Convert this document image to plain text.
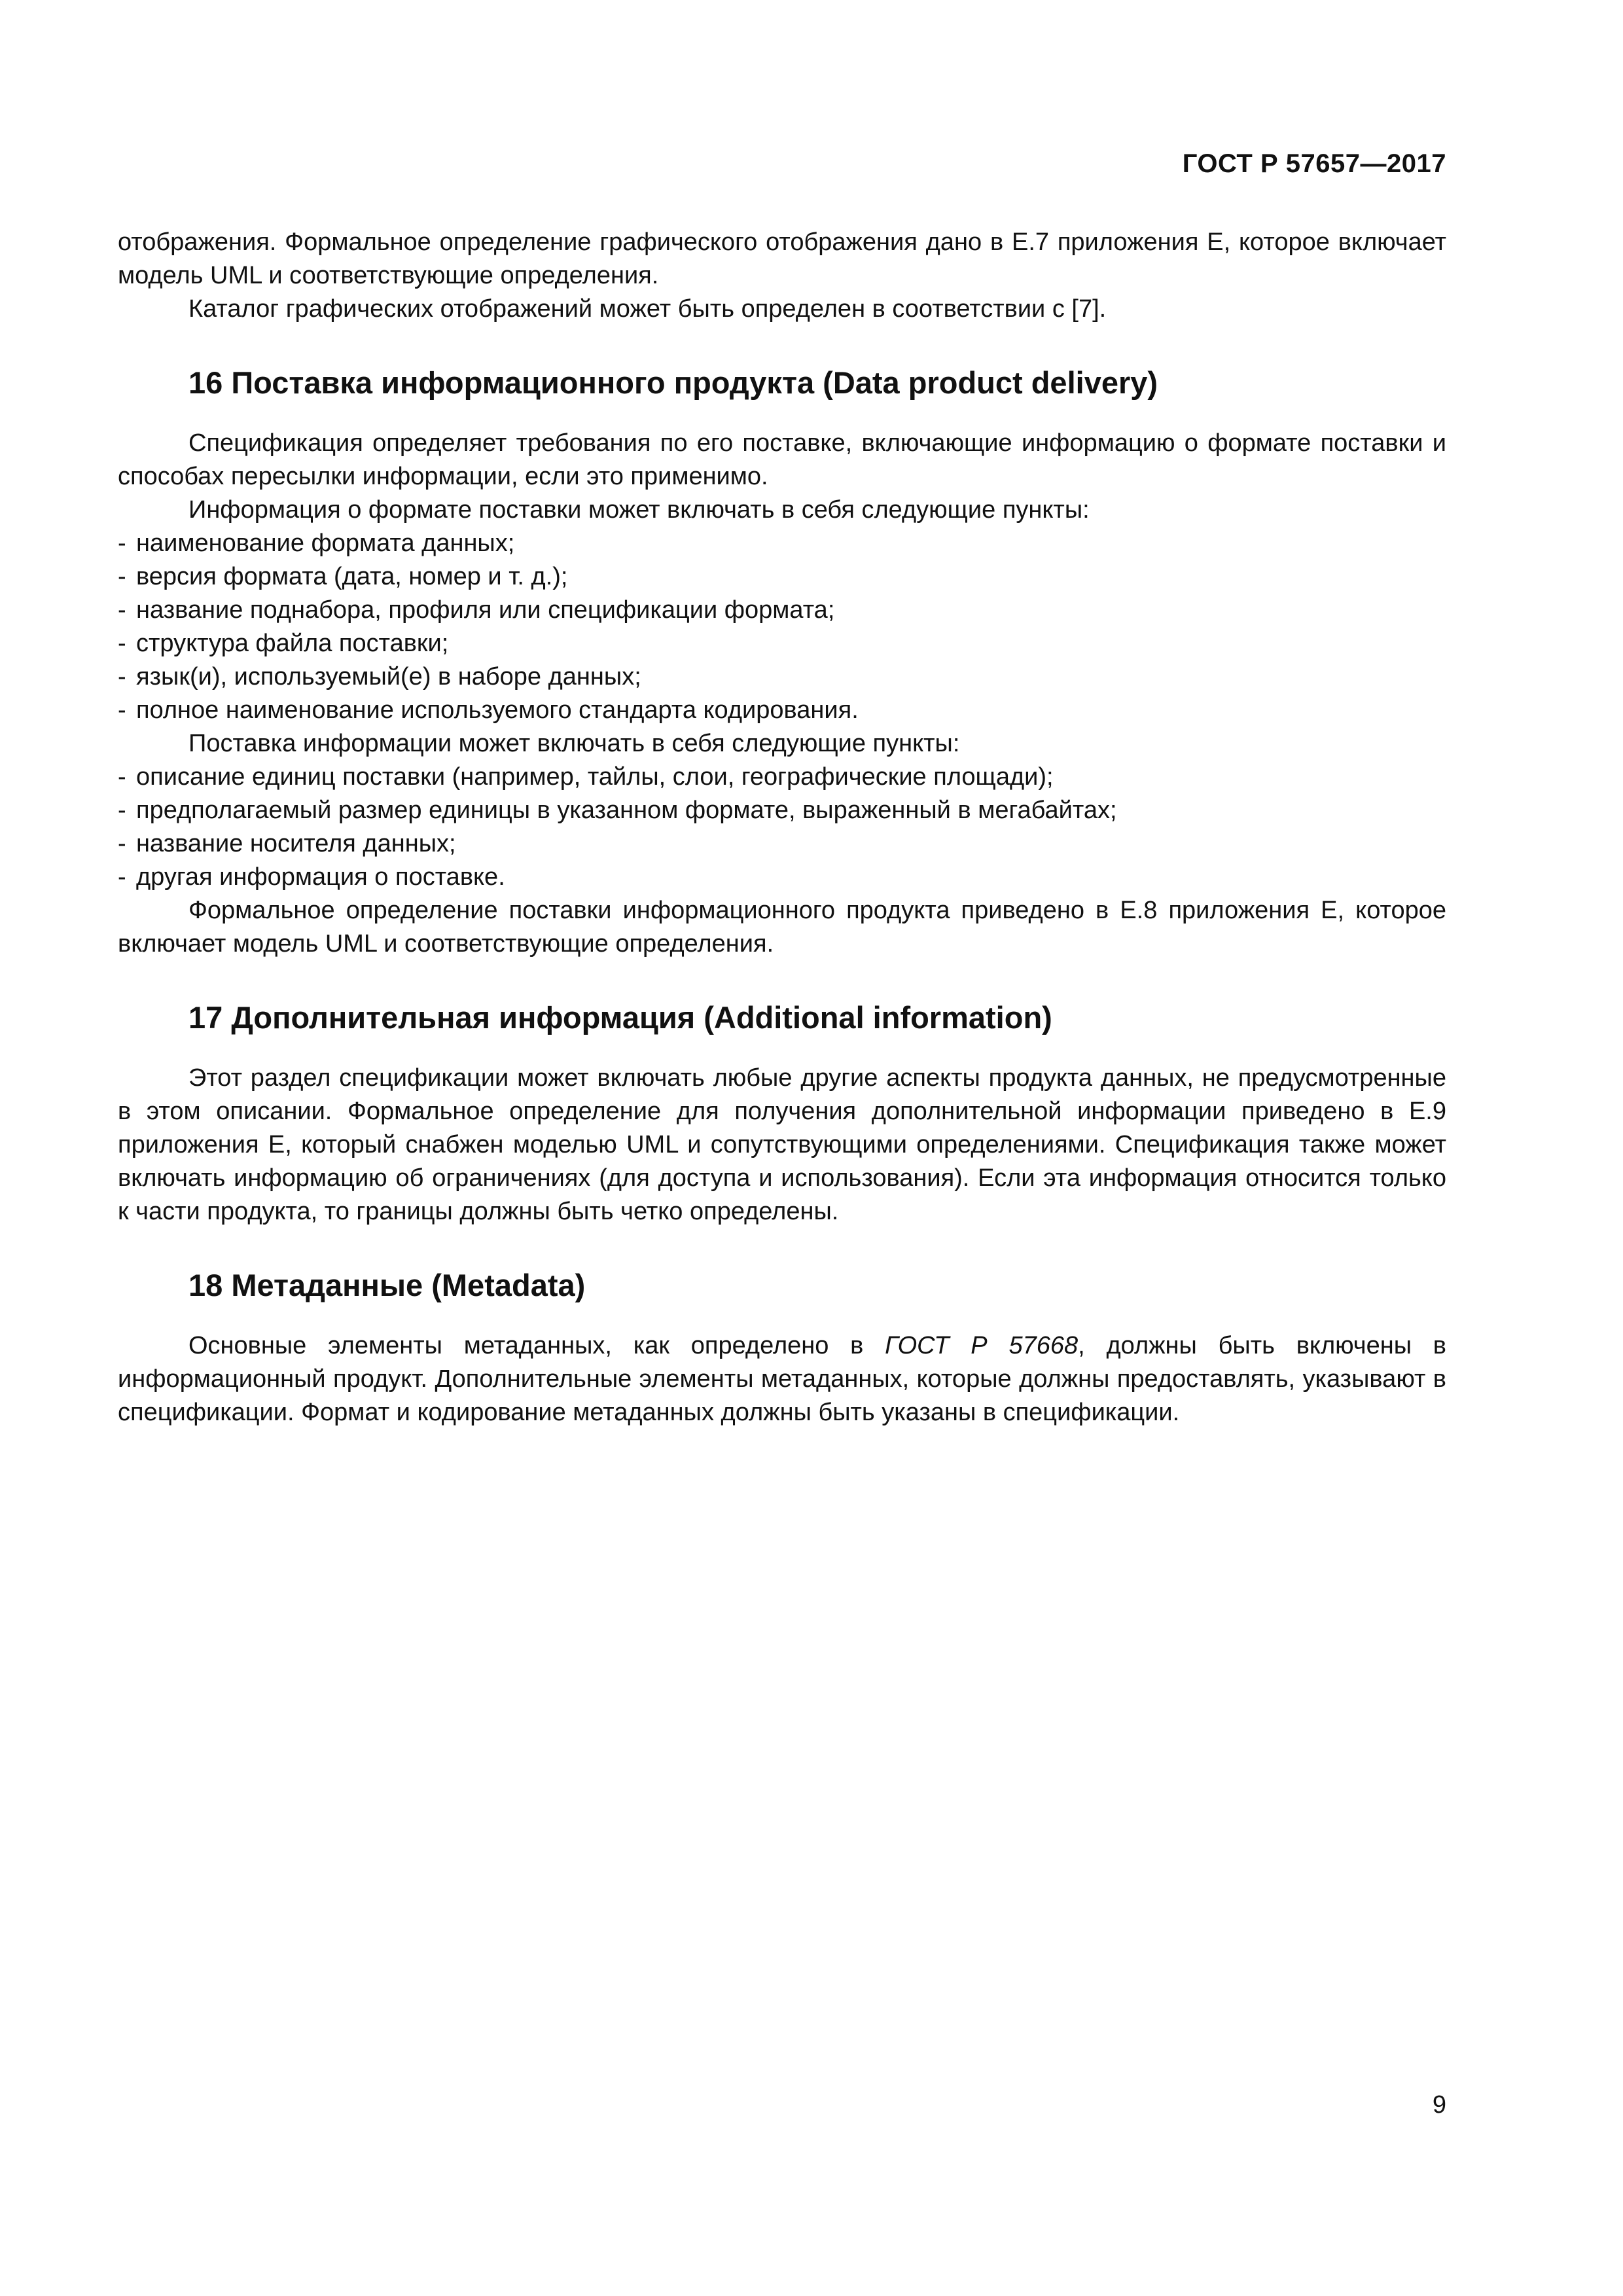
ГОСТ Р 57657—2017

отображения. Формальное определение графического отображения дано в Е.7 приложения Е, которое включает модель UML и соответствующие определения.

Каталог графических отображений может быть определен в соответствии с [7].

16 Поставка информационного продукта (Data product delivery)

Спецификация определяет требования по его поставке, включающие информацию о формате поставки и способах пересылки информации, если это применимо.

Информация о формате поставки может включать в себя следующие пункты:

- наименование формата данных;
- версия формата (дата, номер и т. д.);
- название поднабора, профиля или спецификации формата;
- структура файла поставки;
- язык(и), используемый(е) в наборе данных;
- полное наименование используемого стандарта кодирования.

Поставка информации может включать в себя следующие пункты:

- описание единиц поставки (например, тайлы, слои, географические площади);
- предполагаемый размер единицы в указанном формате, выраженный в мегабайтах;
- название носителя данных;
- другая информация о поставке.

Формальное определение поставки информационного продукта приведено в Е.8 приложения Е, которое включает модель UML и соответствующие определения.

17 Дополнительная информация (Additional information)

Этот раздел спецификации может включать любые другие аспекты продукта данных, не предусмотренные в этом описании. Формальное определение для получения дополнительной информации приведено в Е.9 приложения Е, который снабжен моделью UML и сопутствующими определениями. Спецификация также может включать информацию об ограничениях (для доступа и использования). Если эта информация относится только к части продукта, то границы должны быть четко определены.

18 Метаданные (Metadata)

Основные элементы метаданных, как определено в ГОСТ Р 57668, должны быть включены в информационный продукт. Дополнительные элементы метаданных, которые должны предоставлять, указывают в спецификации. Формат и кодирование метаданных должны быть указаны в спецификации.

9
